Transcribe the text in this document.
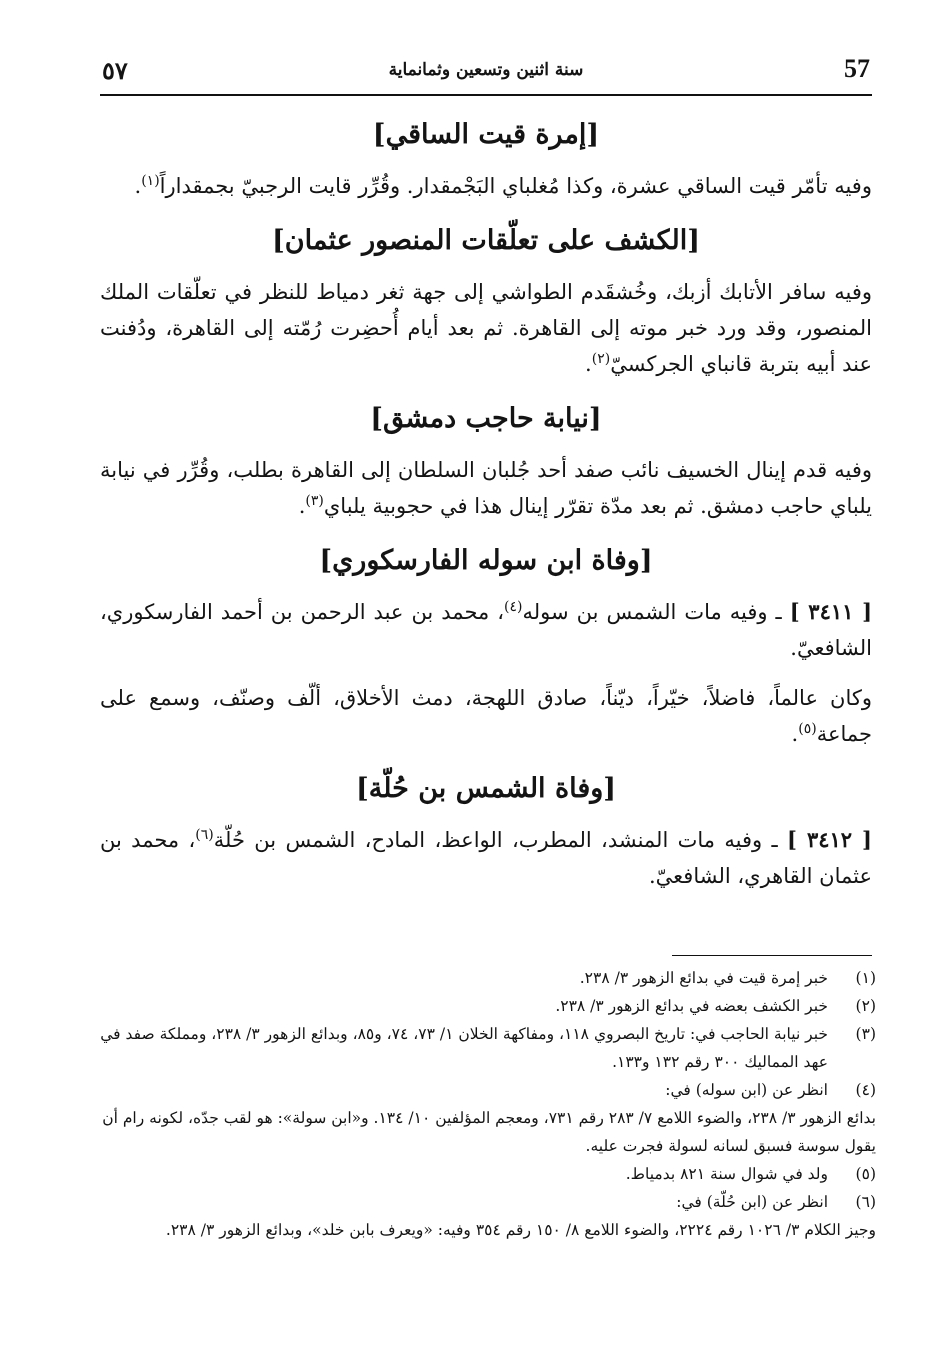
57
سنة اثنين وتسعين وثمانماية
٥٧
[إمرة قيت الساقي]

وفيه تأمّر قيت الساقي عشرة، وكذا مُغلباي البَجْمقدار. وقُرِّر قايت الرجبيّ بجمقداراً$^{(١)}$.

[الكشف على تعلّقات المنصور عثمان]

وفيه سافر الأتابك أزبك، وخُشقَدم الطواشي إلى جهة ثغر دمياط للنظر في تعلّقات الملك المنصور، وقد ورد خبر موته إلى القاهرة. ثم بعد أيام أُحضِرت رُمّته إلى القاهرة، ودُفنت عند أبيه بتربة قانباي الجركسيّ$^{(٢)}$.

[نيابة حاجب دمشق]

وفيه قدم إينال الخسيف نائب صفد أحد جُلبان السلطان إلى القاهرة بطلب، وقُرِّر في نيابة يلباي حاجب دمشق. ثم بعد مدّة تقرّر إينال هذا في حجوبية يلباي$^{(٣)}$.

[وفاة ابن سوله الفارسكوري]

[ ٣٤١١ ] ـ وفيه مات الشمس بن سوله$^{(٤)}$، محمد بن عبد الرحمن بن أحمد الفارسكوري، الشافعيّ.

وكان عالماً، فاضلاً، خيّراً، ديّناً، صادق اللهجة، دمث الأخلاق، ألّف وصنّف، وسمع على جماعة$^{(٥)}$.

[وفاة الشمس بن حُلّة]

[ ٣٤١٢ ] ـ وفيه مات المنشد، المطرب، الواعظ، المادح، الشمس بن حُلّة$^{(٦)}$، محمد بن عثمان القاهري، الشافعيّ.

(١)
خبر إمرة قيت في بدائع الزهور ٣/ ٢٣٨.

(٢)
خبر الكشف بعضه في بدائع الزهور ٣/ ٢٣٨.

(٣)
خبر نيابة الحاجب في: تاريخ البصروي ١١٨، ومفاكهة الخلان ١/ ٧٣، ٧٤، و٨٥، وبدائع الزهور ٣/ ٢٣٨، ومملكة صفد في عهد المماليك ٣٠٠ رقم ١٣٢ و١٣٣.

(٤)
انظر عن (ابن سوله) في:

بدائع الزهور ٣/ ٢٣٨، والضوء اللامع ٧/ ٢٨٣ رقم ٧٣١، ومعجم المؤلفين ١٠/ ١٣٤. و«ابن سولة»: هو لقب جدّه، لكونه رام أن يقول سوسة فسبق لسانه لسولة فجرت عليه.

(٥)
ولد في شوال سنة ٨٢١ بدمياط.

(٦)
انظر عن (ابن حُلّة) في:

وجيز الكلام ٣/ ١٠٢٦ رقم ٢٢٢٤، والضوء اللامع ٨/ ١٥٠ رقم ٣٥٤ وفيه: «ويعرف بابن خلد»، وبدائع الزهور ٣/ ٢٣٨.
